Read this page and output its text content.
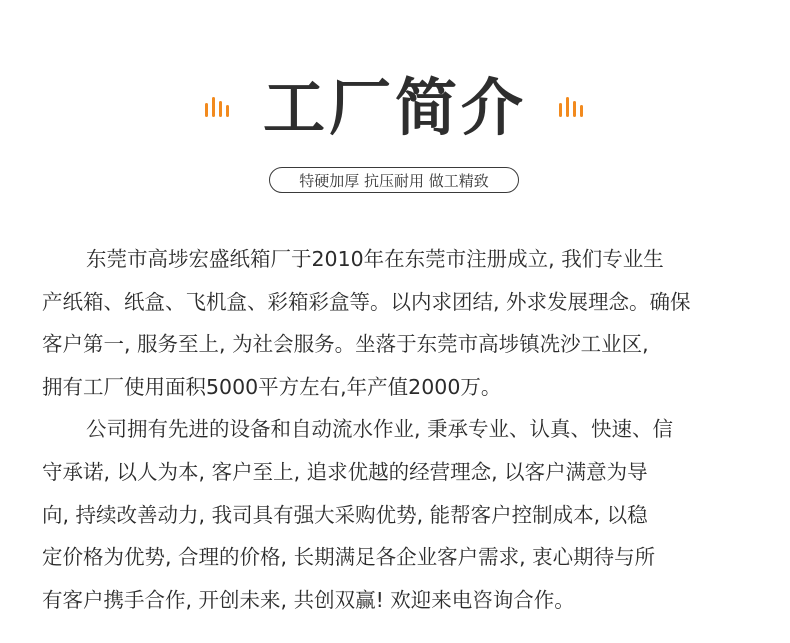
工厂简介
特硬加厚 抗压耐用 做工精致
东莞市高埗宏盛纸箱厂于2010年在东莞市注册成立, 我们专业生
产纸箱、纸盒、飞机盒、彩箱彩盒等。以内求团结, 外求发展理念。确保
客户第一, 服务至上, 为社会服务。坐落于东莞市高埗镇冼沙工业区,
拥有工厂使用面积5000平方左右,年产值2000万。
公司拥有先进的设备和自动流水作业, 秉承专业、认真、快速、信
守承诺, 以人为本, 客户至上, 追求优越的经营理念, 以客户满意为导
向, 持续改善动力, 我司具有强大采购优势, 能帮客户控制成本, 以稳
定价格为优势, 合理的价格, 长期满足各企业客户需求, 衷心期待与所
有客户携手合作, 开创未来, 共创双赢! 欢迎来电咨询合作。
